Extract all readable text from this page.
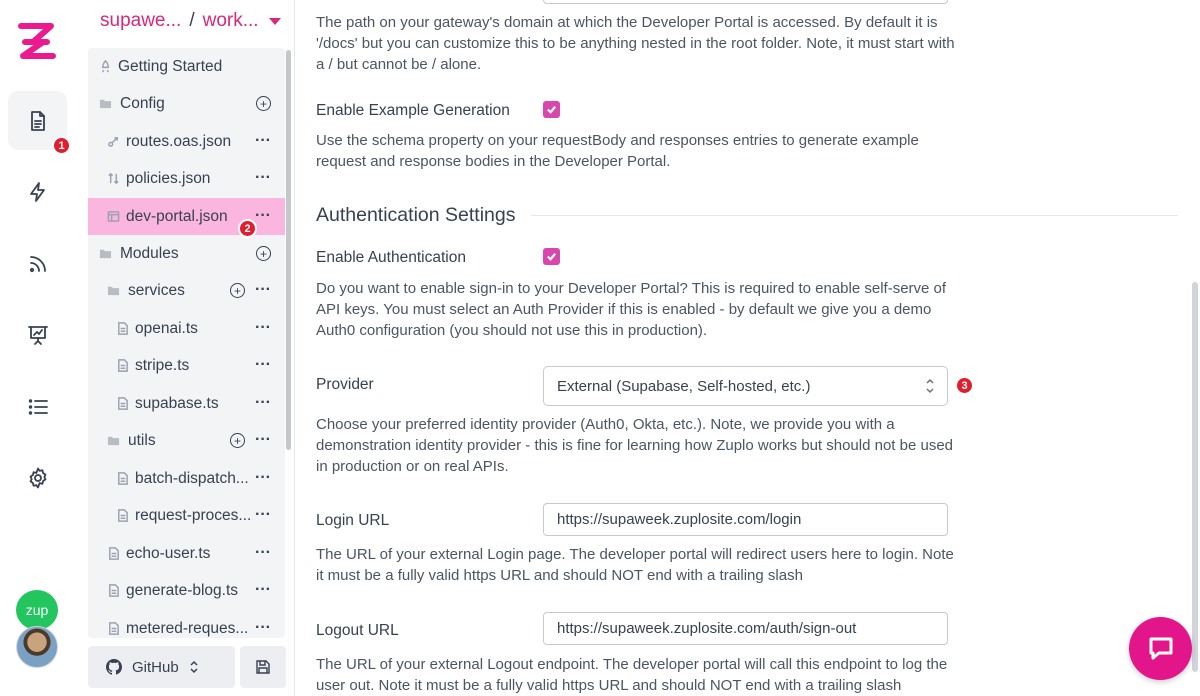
1
zup
supawe... / work...
Getting Started
Config	+
routes.oas.json ···
policies.json	···
dev-portal.json ···
2
Modules	+
services	+ ···
openai.ts	···
stripe.ts	···
supabase.ts ···
utils	+ ···
batch-dispatch... ···
request-proces... ···
echo-user.ts	···
generate-blog.ts ···
metered-reques... ···
GitHub
The path on your gateway's domain at which the Developer Portal is accessed. By default it is '/docs' but you can customize this to be anything nested in the root folder. Note, it must start with a / but cannot be / alone.
Enable Example Generation
Use the schema property on your requestBody and responses entries to generate example request and response bodies in the Developer Portal.
Authentication Settings
Enable Authentication
Do you want to enable sign-in to your Developer Portal? This is required to enable self-serve of API keys. You must select an Auth Provider if this is enabled - by default we give you a demo Auth0 configuration (you should not use this in production).
Provider	External (Supabase, Self-hosted, etc.)	3
Choose your preferred identity provider (Auth0, Okta, etc.). Note, we provide you with a demonstration identity provider - this is fine for learning how Zuplo works but should not be used in production or on real APIs.
Login URL	https://supaweek.zuplosite.com/login
The URL of your external Login page. The developer portal will redirect users here to login. Note it must be a fully valid https URL and should NOT end with a trailing slash
Logout URL	https://supaweek.zuplosite.com/auth/sign-out
The URL of your external Logout endpoint. The developer portal will call this endpoint to log the user out. Note it must be a fully valid https URL and should NOT end with a trailing slash
